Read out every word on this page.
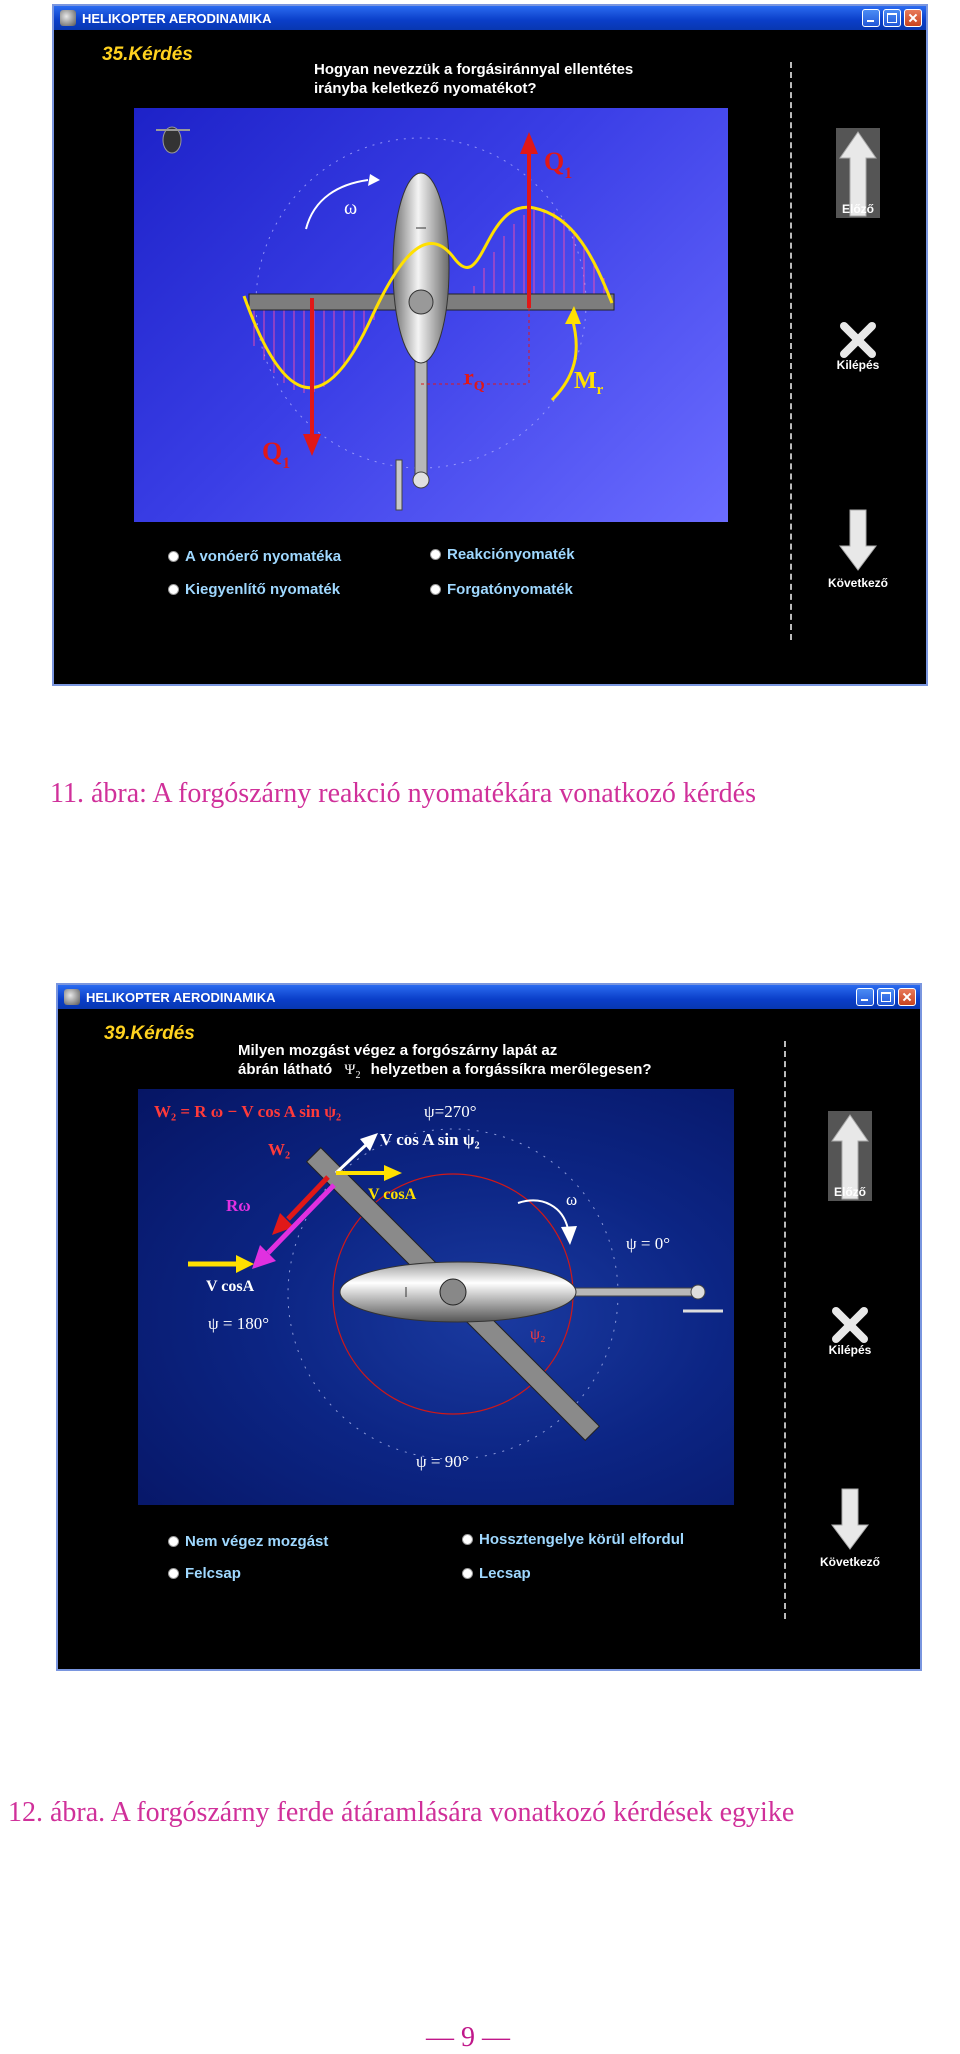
HELIKOPTER AERODINAMIKA
35.Kérdés
Hogyan nevezzük a forgásiránnyal ellentétes
irányba keletkező nyomatékot?
ω
$Q_1$
$Q_1$
$r_Q$	$M_r$
A vonóerő nyomatéka	Reakciónyomaték
Kiegyenlítő nyomaték	Forgatónyomaték
Előző
Kilépés
Következő
11. ábra: A forgószárny reakció nyomatékára vonatkozó kérdés
HELIKOPTER AERODINAMIKA
39.Kérdés
Milyen mozgást végez a forgószárny lapát az
ábrán látható $\Psi_2$ helyzetben a forgássíkra merőlegesen?
W₂ = R ω − V cos A sin ψ₂	ψ=270°
V cos A sin ψ₂
W₂
V cosA
Rω	ω
ψ = 0°
V cosA
ψ = 180°
ψ₂
ψ = 90°
Nem végez mozgást	Hossztengelye körül elfordul
Felcsap	Lecsap
Előző
Kilépés
Következő
12. ábra. A forgószárny ferde átáramlására vonatkozó kérdések egyike
— 9 —
